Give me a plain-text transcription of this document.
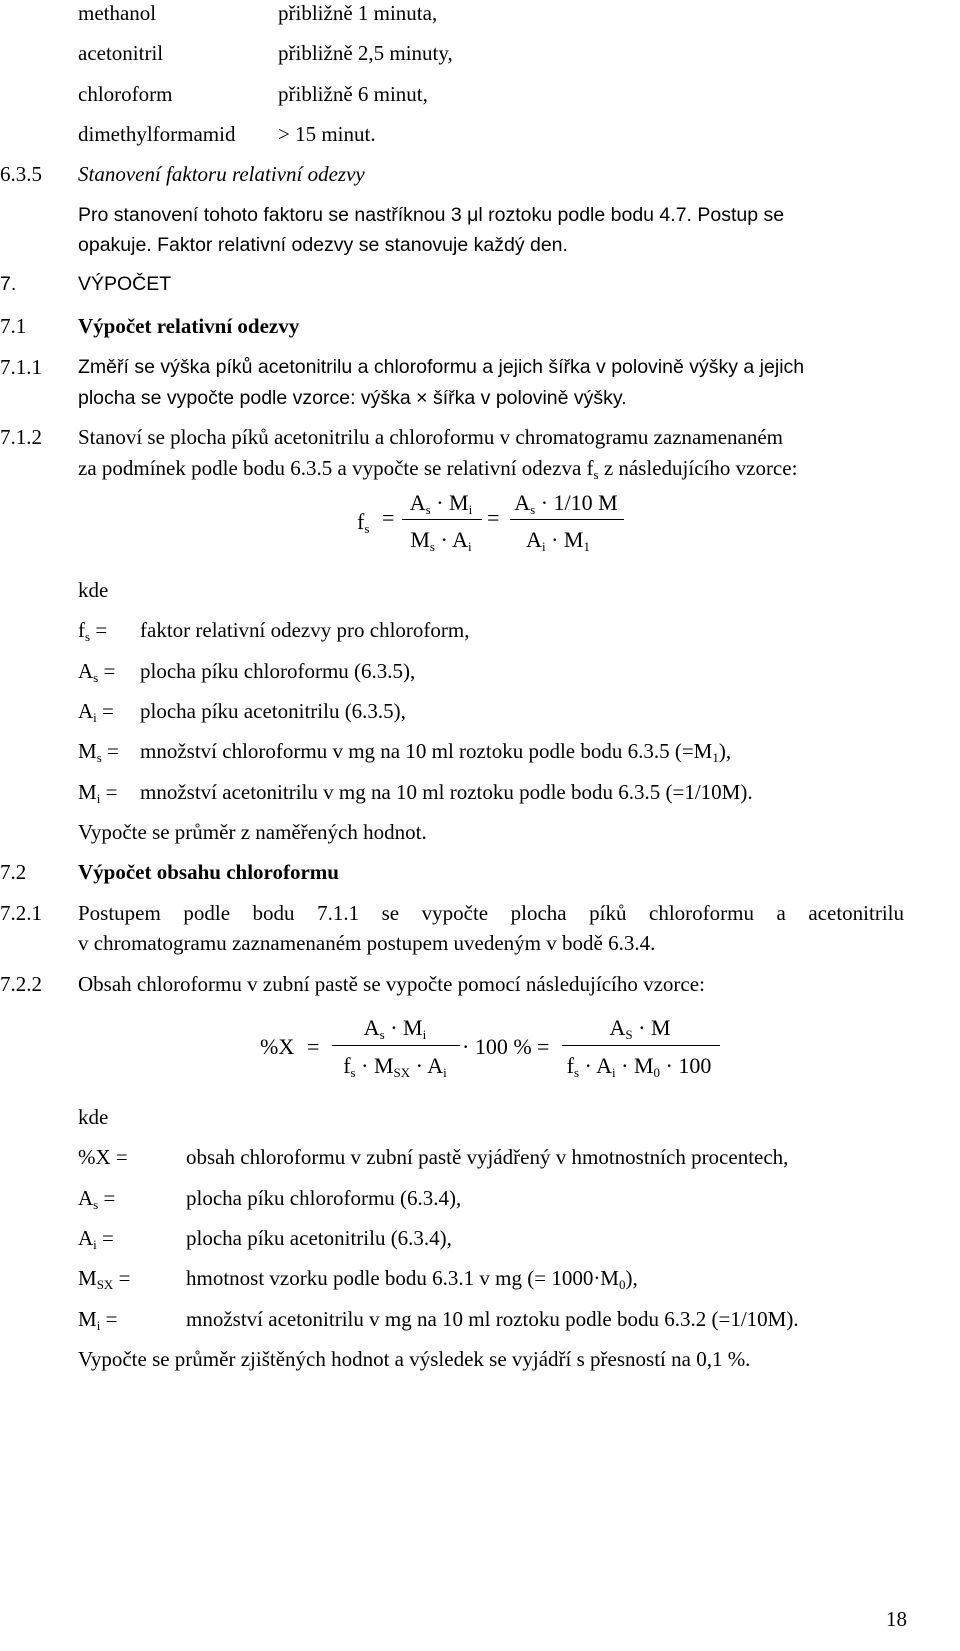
methanol	přibližně 1 minuta,
acetonitril	přibližně 2,5 minuty,
chloroform	přibližně 6 minut,
dimethylformamid > 15 minut.
6.3.5 Stanovení faktoru relativní odezvy
Pro stanovení tohoto faktoru se nastříknou 3 μl roztoku podle bodu 4.7. Postup se
opakuje. Faktor relativní odezvy se stanovuje každý den.
7.	VÝPOČET
7.1 Výpočet relativní odezvy
7.1.1 Změří se výška píků acetonitrilu a chloroformu a jejich šířka v polovině výšky a jejich
plocha se vypočte podle vzorce: výška × šířka v polovině výšky.
7.1.2 Stanoví se plocha píků acetonitrilu a chloroformu v chromatogramu zaznamenaném
za podmínek podle bodu 6.3.5 a vypočte se relativní odezva $f_s$ z následujícího vzorce:
$f_s$ =
$A_s \cdot M_i$
$M_s \cdot A_i$
=
$A_s \cdot 1/10$ M
$A_i \cdot M_1$
kde
$f_s$ = faktor relativní odezvy pro chloroform,
$A_s$ = plocha píku chloroformu (6.3.5),
$A_i$ = plocha píku acetonitrilu (6.3.5),
$M_s$ = množství chloroformu v mg na 10 ml roztoku podle bodu 6.3.5 $(=M_1)$,
$M_i$ = množství acetonitrilu v mg na 10 ml roztoku podle bodu 6.3.5 (=1/10M).
Vypočte se průměr z naměřených hodnot.
7.2 Výpočet obsahu chloroformu
7.2.1 Postupem podle bodu 7.1.1 se vypočte plocha píků chloroformu a acetonitrilu
v chromatogramu zaznamenaném postupem uvedeným v bodě 6.3.4.
7.2.2 Obsah chloroformu v zubní pastě se vypočte pomocí následujícího vzorce:
%X =
$A_s \cdot M_i$
$f_s \cdot M_{SX} \cdot A_i$
· 100 % =
$A_S \cdot M$
$f_s \cdot A_i \cdot M_0 \cdot 100$
kde
%X =	obsah chloroformu v zubní pastě vyjádřený v hmotnostních procentech,
$A_s$ =	plocha píku chloroformu (6.3.4),
$A_i$ =	plocha píku acetonitrilu (6.3.4),
$M_{SX}$ =	hmotnost vzorku podle bodu 6.3.1 v mg (= $1000\cdot M_0$),
$M_i$ =	množství acetonitrilu v mg na 10 ml roztoku podle bodu 6.3.2 (=1/10M).
Vypočte se průměr zjištěných hodnot a výsledek se vyjádří s přesností na 0,1 %.
18
